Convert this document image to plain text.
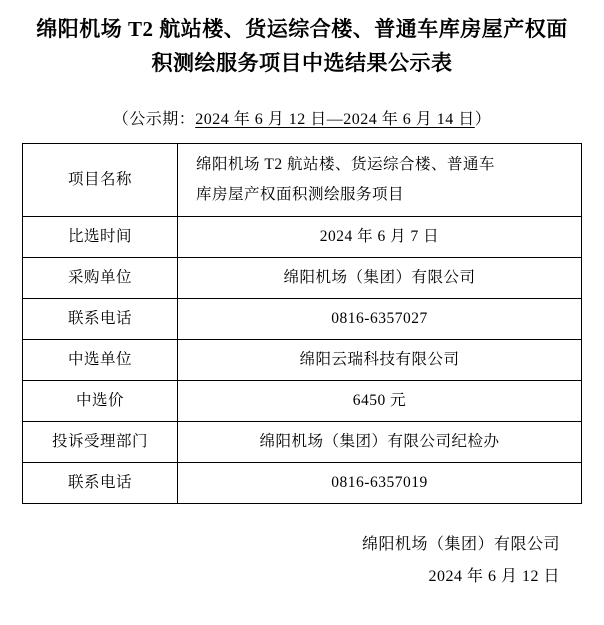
绵阳机场 T2 航站楼、货运综合楼、普通车库房屋产权面积测绘服务项目中选结果公示表
（公示期：2024 年 6 月 12 日—2024 年 6 月 14 日）
项目名称	绵阳机场 T2 航站楼、货运综合楼、普通车
库房屋产权面积测绘服务项目

比选时间	2024 年 6 月 7 日
采购单位	绵阳机场（集团）有限公司
联系电话	0816-6357027
中选单位	绵阳云瑞科技有限公司
中选价	6450 元
投诉受理部门	绵阳机场（集团）有限公司纪检办
联系电话	0816-6357019
绵阳机场（集团）有限公司
2024 年 6 月 12 日
